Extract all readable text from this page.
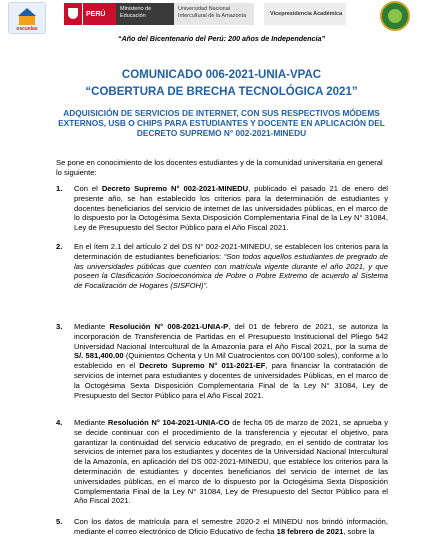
escuelas
PERÚ
Ministerio de Educación
Universidad Nacional Intercultural de la Amazonía	Vicepresidencia Académica
“Año del Bicentenario del Perú: 200 años de Independencia”
COMUNICADO 006-2021-UNIA-VPAC
“COBERTURA DE BRECHA TECNOLÓGICA 2021”
ADQUISICIÓN DE SERVICIOS DE INTERNET, CON SUS RESPECTIVOS MÓDEMS EXTERNOS, USB O CHIPS PARA ESTUDIANTES Y DOCENTE EN APLICACIÓN DEL DECRETO SUPREMO N° 002-2021-MINEDU
Se pone en conocimiento de los docentes estudiantes y de la comunidad universitaria en general lo siguiente:
1. Con el Decreto Supremo N° 002-2021-MINEDU, publicado el pasado 21 de enero del presente año, se han establecido los criterios para la determinación de estudiantes y docentes beneficiarios del servicio de internet de las universidades públicas, en el marco de lo dispuesto por la Octogésima Sexta Disposición Complementaria Final de la Ley N° 31084, Ley de Presupuesto del Sector Público para el Año Fiscal 2021.
2. En el ítem 2.1 del artículo 2 del DS N° 002-2021-MINEDU, se establecen los criterios para la determinación de estudiantes beneficiarios: “Son todos aquellos estudiantes de pregrado de las universidades públicas que cuenten con matrícula vigente durante el año 2021, y que poseen la Clasificación Socioeconómica de Pobre o Pobre Extremo de acuerdo al Sistema de Focalización de Hogares (SISFOH)”.
3. Mediante Resolución N° 008-2021-UNIA-P, del 01 de febrero de 2021, se autoriza la incorporación de Transferencia de Partidas en el Presupuesto Institucional del Pliego 542 Universidad Nacional Intercultural de la Amazonía para el Año Fiscal 2021, por la suma de S/. 581,400.00 (Quinientos Ochenta y Un Mil Cuatrocientos con 00/100 soles), conforme a lo establecido en el Decreto Supremo N° 011-2021-EF, para financiar la contratación de servicios de internet para estudiantes y docentes de universidades Públicas, en el marco de la Octogésima Sexta Disposición Complementaria Final de la Ley N° 31084, Ley de Presupuesto del Sector Público para el Año Fiscal 2021.
4. Mediante Resolución N° 104-2021-UNIA-CO de fecha 05 de marzo de 2021, se aprueba y se decide continuar con el procedimiento de la transferencia y ejecutar el objetivo, para garantizar la continuidad del servicio educativo de pregrado, en el sentido de contratar los servicios de internet para los estudiantes y docentes de la Universidad Nacional Intercultural de la Amazonía, en aplicación del DS 002-2021-MINEDU, que establece los criterios para la determinación de estudiantes y docentes beneficiarios del servicio de internet de las universidades públicas, en el marco de lo dispuesto por la Octogésima Sexta Disposición Complementaria Final de la Ley N° 31084, Ley de Presupuesto del Sector Público para el Año Fiscal 2021.
5. Con los datos de matrícula para el semestre 2020-2 el MINEDU nos brindó información, mediante el correo electrónico de Oficio Educativo de fecha 18 febrero de 2021, sobre la
